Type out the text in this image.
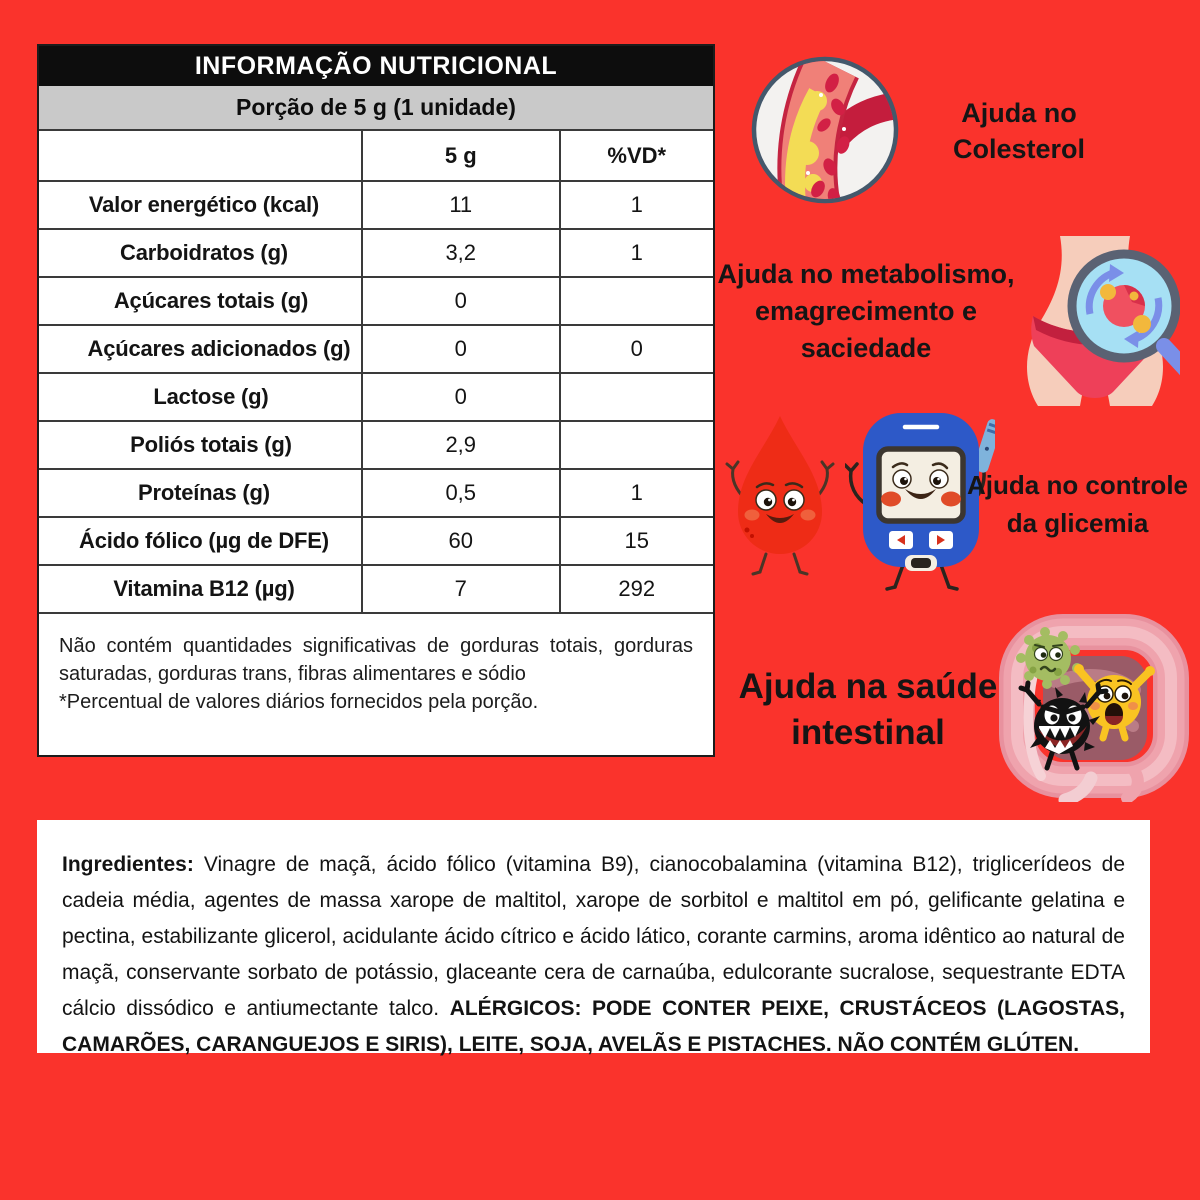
INFORMAÇÃO NUTRICIONAL
Porção de 5 g (1 unidade)
	5 g	%VD*
Valor energético (kcal)	11	1
Carboidratos (g)	3,2	1
Açúcares totais (g)	0	
Açúcares adicionados (g)	0	0
Lactose (g)	0	
Poliós totais (g)	2,9	
Proteínas (g)	0,5	1
Ácido fólico (µg de DFE)	60	15
Vitamina B12 (µg)	7	292

Não contém quantidades significativas de gorduras totais, gorduras saturadas, gorduras trans, fibras alimentares e sódio

*Percentual de valores diários fornecidos pela porção.

Ajuda no Colesterol
Ajuda no metabolismo, emagrecimento e saciedade
Ajuda no controle da glicemia
Ajuda na saúde intestinal

Ingredientes: Vinagre de maçã, ácido fólico (vitamina B9), cianocobalamina (vitamina B12), triglicerídeos de cadeia média, agentes de massa xarope de maltitol, xarope de sorbitol e maltitol em pó, gelificante gelatina e pectina, estabilizante glicerol, acidulante ácido cítrico e ácido lático, corante carmins, aroma idêntico ao natural de maçã, conservante sorbato de potássio, glaceante cera de carnaúba, edulcorante sucralose, sequestrante EDTA cálcio dissódico e antiumectante talco. ALÉRGICOS: PODE CONTER PEIXE, CRUSTÁCEOS (LAGOSTAS, CAMARÕES, CARANGUEJOS E SIRIS), LEITE, SOJA, AVELÃS E PISTACHES. NÃO CONTÉM GLÚTEN.
